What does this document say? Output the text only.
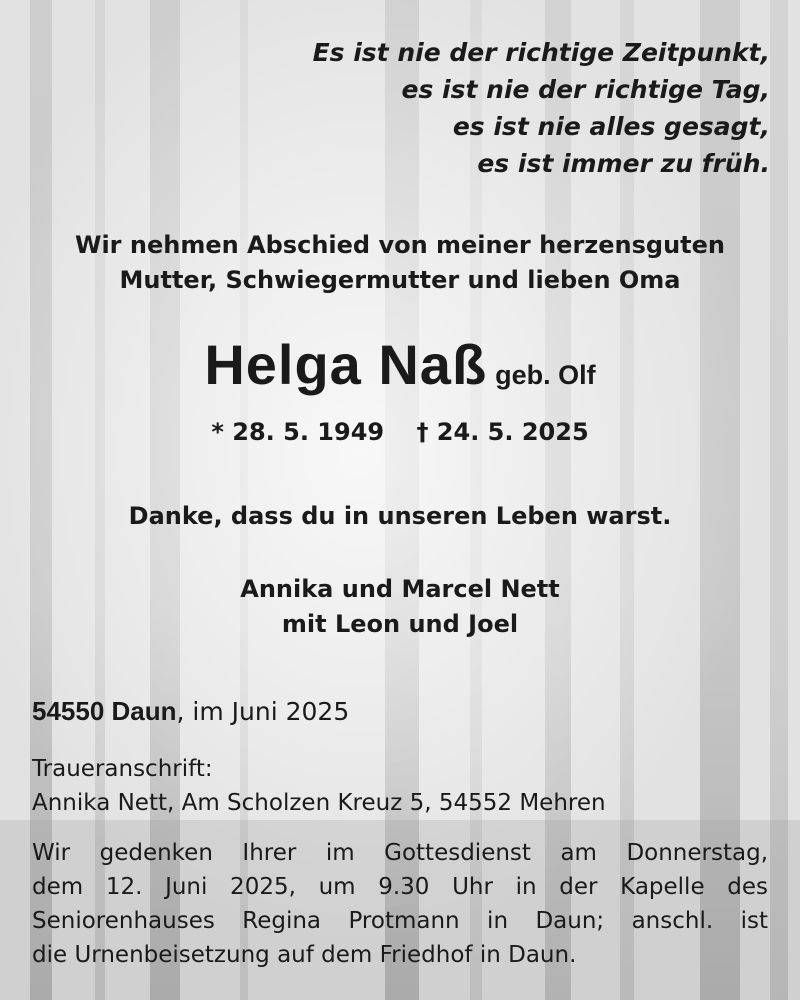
Es ist nie der richtige Zeitpunkt,
es ist nie der richtige Tag,
es ist nie alles gesagt,
es ist immer zu früh.
Wir nehmen Abschied von meiner herzensguten
Mutter, Schwiegermutter und lieben Oma
Helga Naß geb. Olf
* 28. 5. 1949 † 24. 5. 2025
Danke, dass du in unseren Leben warst.
Annika und Marcel Nett
mit Leon und Joel
54550 Daun, im Juni 2025
Traueranschrift:
Annika Nett, Am Scholzen Kreuz 5, 54552 Mehren
Wir gedenken Ihrer im Gottesdienst am Donnerstag,
dem 12. Juni 2025, um 9.30 Uhr in der Kapelle des
Seniorenhauses Regina Protmann in Daun; anschl. ist
die Urnenbeisetzung auf dem Friedhof in Daun.
